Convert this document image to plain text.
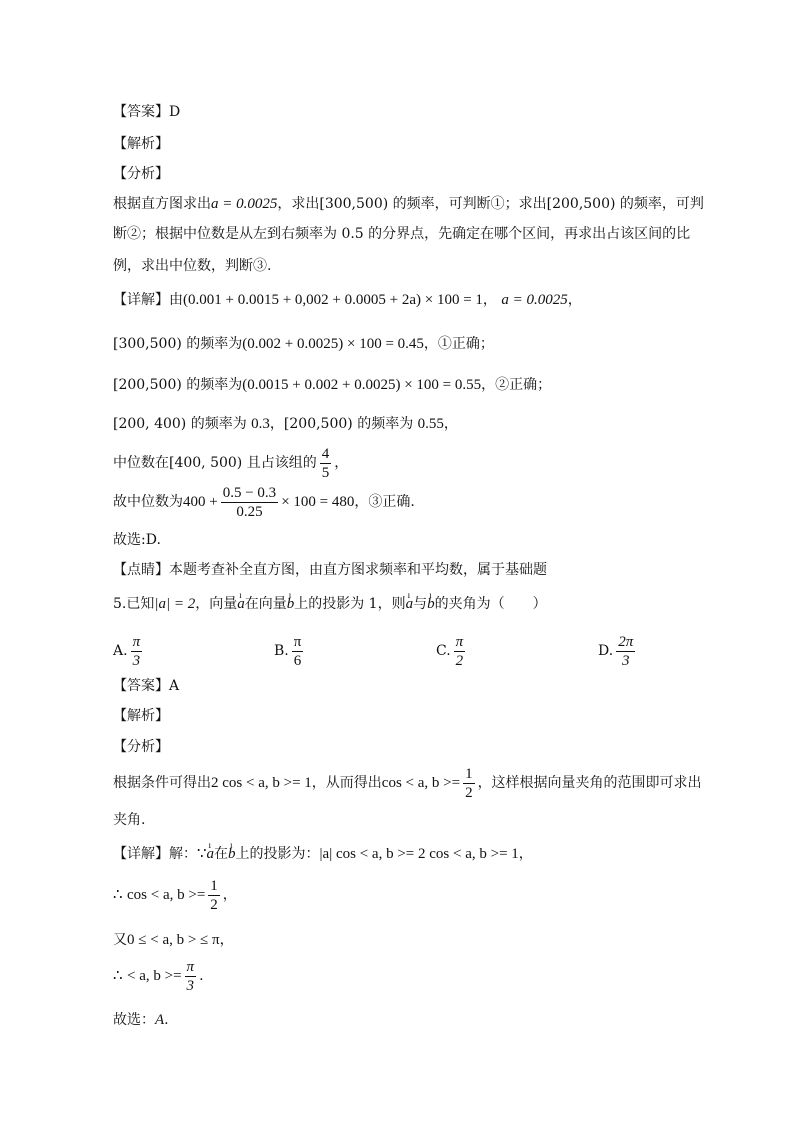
【答案】D
【解析】
【分析】
根据直方图求出a = 0.0025，求出[300,500) 的频率，可判断①；求出[200,500) 的频率，可判
断②；根据中位数是从左到右频率为 0.5 的分界点，先确定在哪个区间，再求出占该区间的比
例，求出中位数，判断③.
【详解】由(0.001 + 0.0015 + 0,002 + 0.0005 + 2a) × 100 = 1， a = 0.0025，
[300,500) 的频率为(0.002 + 0.0025) × 100 = 0.45，①正确；
[200,500) 的频率为(0.0015 + 0.002 + 0.0025) × 100 = 0.55，②正确；
[200, 400) 的频率为 0.3，[200,500) 的频率为 0.55，
中位数在[400, 500) 且占该组的 $\frac{4}{5}$ ，
故中位数为$400 + \frac{0.5 - 0.3}{0.25} \times 100 = 480$，③正确.
故选:D.
【点睛】本题考查补全直方图，由直方图求频率和平均数，属于基础题
5.已知|a| = 2，向量ı a在向量ı b上的投影为 1，则ı a与ı b的夹角为（　　）
A. $\frac{\pi}{3}$	B. $\frac{\pi}{6}$	C. $\frac{\pi}{2}$	D. $\frac{2\pi}{3}$
【答案】A
【解析】
【分析】
根据条件可得出2 cos < a, b >= 1，从而得出cos < a, $b >= \frac{1}{2}$ ，这样根据向量夹角的范围即可求出
夹角.
【详解】解：∵ı a在ı b上的投影为：|a| cos < a, b >= 2 cos < a, b >= 1，
∴ cos < a, $b >= \frac{1}{2}$ ，
又0 ≤ < a, b > ≤ π，
∴ < a, $b >= \frac{\pi}{3}$ .
故选：A.
